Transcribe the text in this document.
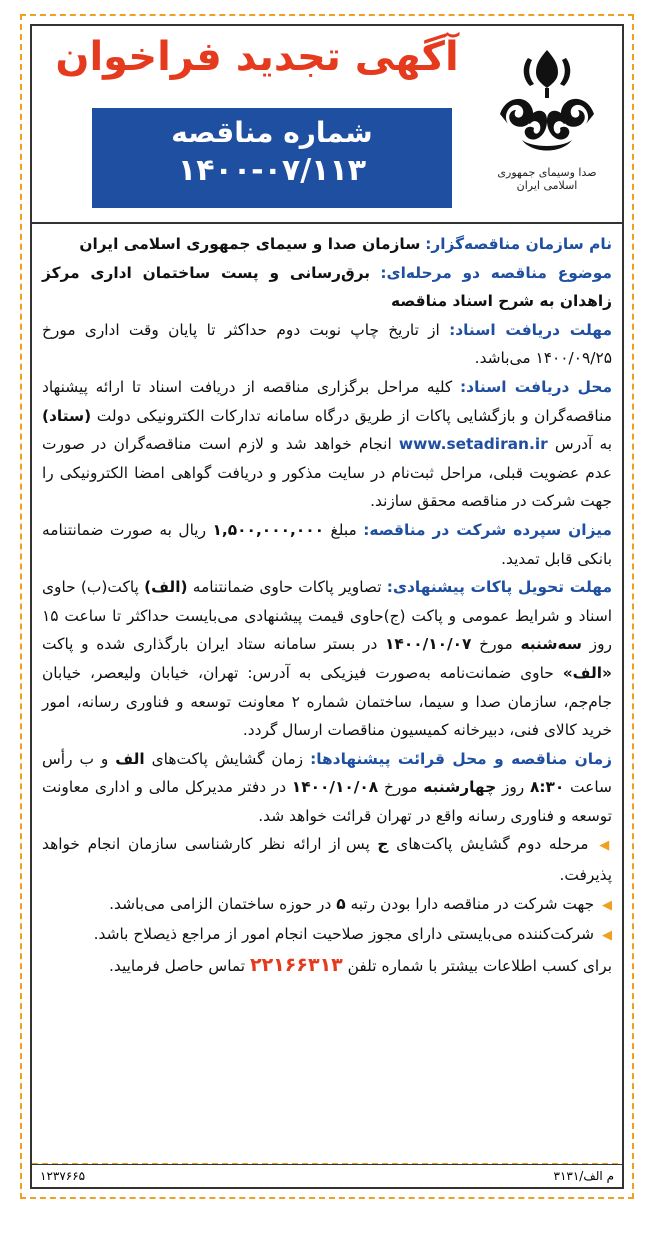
صدا وسیمای جمهوری اسلامی ایران
آگهی تجدید فراخوان
شماره مناقصه
۱۴۰۰-۰۷/۱۱۳

نام سازمان مناقصه‌گزار: سازمان صدا و سیمای جمهوری اسلامی ایران

موضوع مناقصه دو مرحله‌ای: برق‌رسانی و پست ساختمان اداری مرکز زاهدان به شرح اسناد مناقصه

مهلت دریافت اسناد: از تاریخ چاپ نوبت دوم حداکثر تا پایان وقت اداری مورخ ۱۴۰۰/۰۹/۲۵ می‌باشد.

محل دریافت اسناد: کلیه مراحل برگزاری مناقصه از دریافت اسناد تا ارائه پیشنهاد مناقصه‌گران و بازگشایی پاکات از طریق درگاه سامانه تدارکات الکترونیکی دولت (ستاد) به آدرس www.setadiran.ir انجام خواهد شد و لازم است مناقصه‌گران در صورت عدم عضویت قبلی، مراحل ثبت‌نام در سایت مذکور و دریافت گواهی امضا الکترونیکی را جهت شرکت در مناقصه محقق سازند.

میزان سپرده شرکت در مناقصه: مبلغ ۱,۵۰۰,۰۰۰,۰۰۰ ریال به صورت ضمانتنامه بانکی قابل تمدید.

مهلت تحویل پاکات پیشنهادی: تصاویر پاکات حاوی ضمانتنامه (الف) پاکت(ب) حاوی اسناد و شرایط عمومی و پاکت (ج)حاوی قیمت پیشنهادی می‌بایست حداکثر تا ساعت ۱۵ روز سه‌شنبه مورخ ۱۴۰۰/۱۰/۰۷ در بستر سامانه ستاد ایران بارگذاری شده و پاکت «الف» حاوی ضمانت‌نامه به‌صورت فیزیکی به آدرس: تهران، خیابان ولیعصر، خیابان جام‌جم، سازمان صدا و سیما، ساختمان شماره ۲ معاونت توسعه و فناوری رسانه، امور خرید کالای فنی، دبیرخانه کمیسیون مناقصات ارسال گردد.

زمان مناقصه و محل قرائت پیشنهادها: زمان گشایش پاکت‌های الف و ب رأس ساعت ۸:۳۰ روز چهارشنبه مورخ ۱۴۰۰/۱۰/۰۸ در دفتر مدیرکل مالی و اداری معاونت توسعه و فناوری رسانه واقع در تهران قرائت خواهد شد.

◀ مرحله دوم گشایش پاکت‌های ج پس از ارائه نظر کارشناسی سازمان انجام خواهد پذیرفت.

◀ جهت شرکت در مناقصه دارا بودن رتبه ۵ در حوزه ساختمان الزامی می‌باشد.

◀ شرکت‌کننده می‌بایستی دارای مجوز صلاحیت انجام امور از مراجع ذیصلاح باشد.

برای کسب اطلاعات بیشتر با شماره تلفن ۲۲۱۶۶۳۱۳ تماس حاصل فرمایید.

۱۲۳۷۶۶۵	م الف/۳۱۳۱
